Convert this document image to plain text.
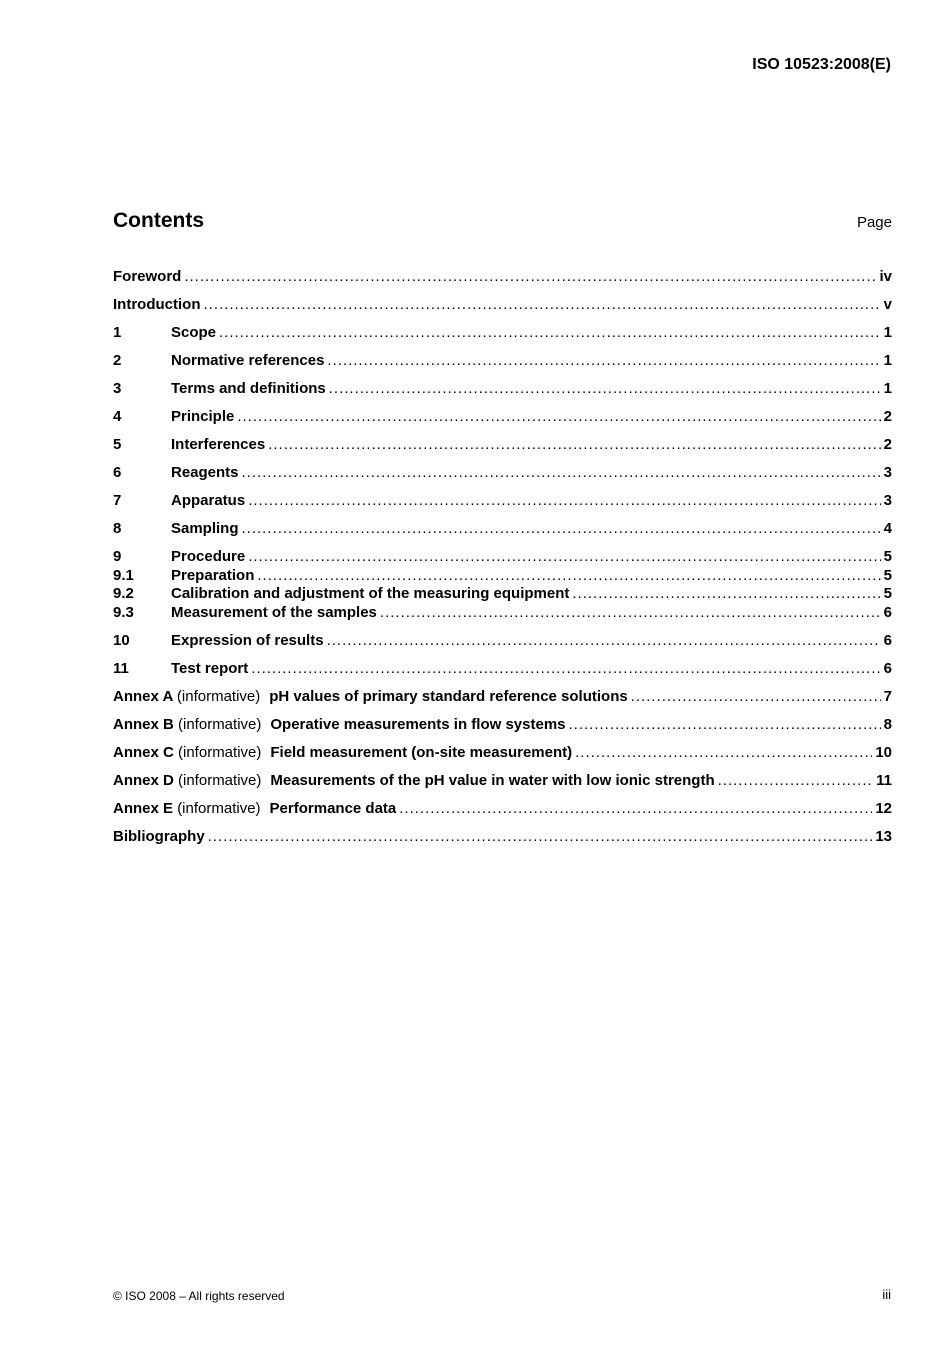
ISO 10523:2008(E)
Contents	Page
Foreword .....	iv
Introduction .....	v
1	Scope .....	1
2	Normative references .....	1
3	Terms and definitions .....	1
4	Principle .....	2
5	Interferences .....	2
6	Reagents .....	3
7	Apparatus .....	3
8	Sampling .....	4
9	Procedure .....	5
9.1	Preparation .....	5
9.2	Calibration and adjustment of the measuring equipment .....	5
9.3	Measurement of the samples .....	6
10	Expression of results .....	6
11	Test report .....	6
Annex A (informative) pH values of primary standard reference solutions .....	7
Annex B (informative) Operative measurements in flow systems .....	8
Annex C (informative) Field measurement (on-site measurement) .....	10
Annex D (informative) Measurements of the pH value in water with low ionic strength .....	11
Annex E (informative) Performance data .....	12
Bibliography .....	13
© ISO 2008 – All rights reserved	iii
